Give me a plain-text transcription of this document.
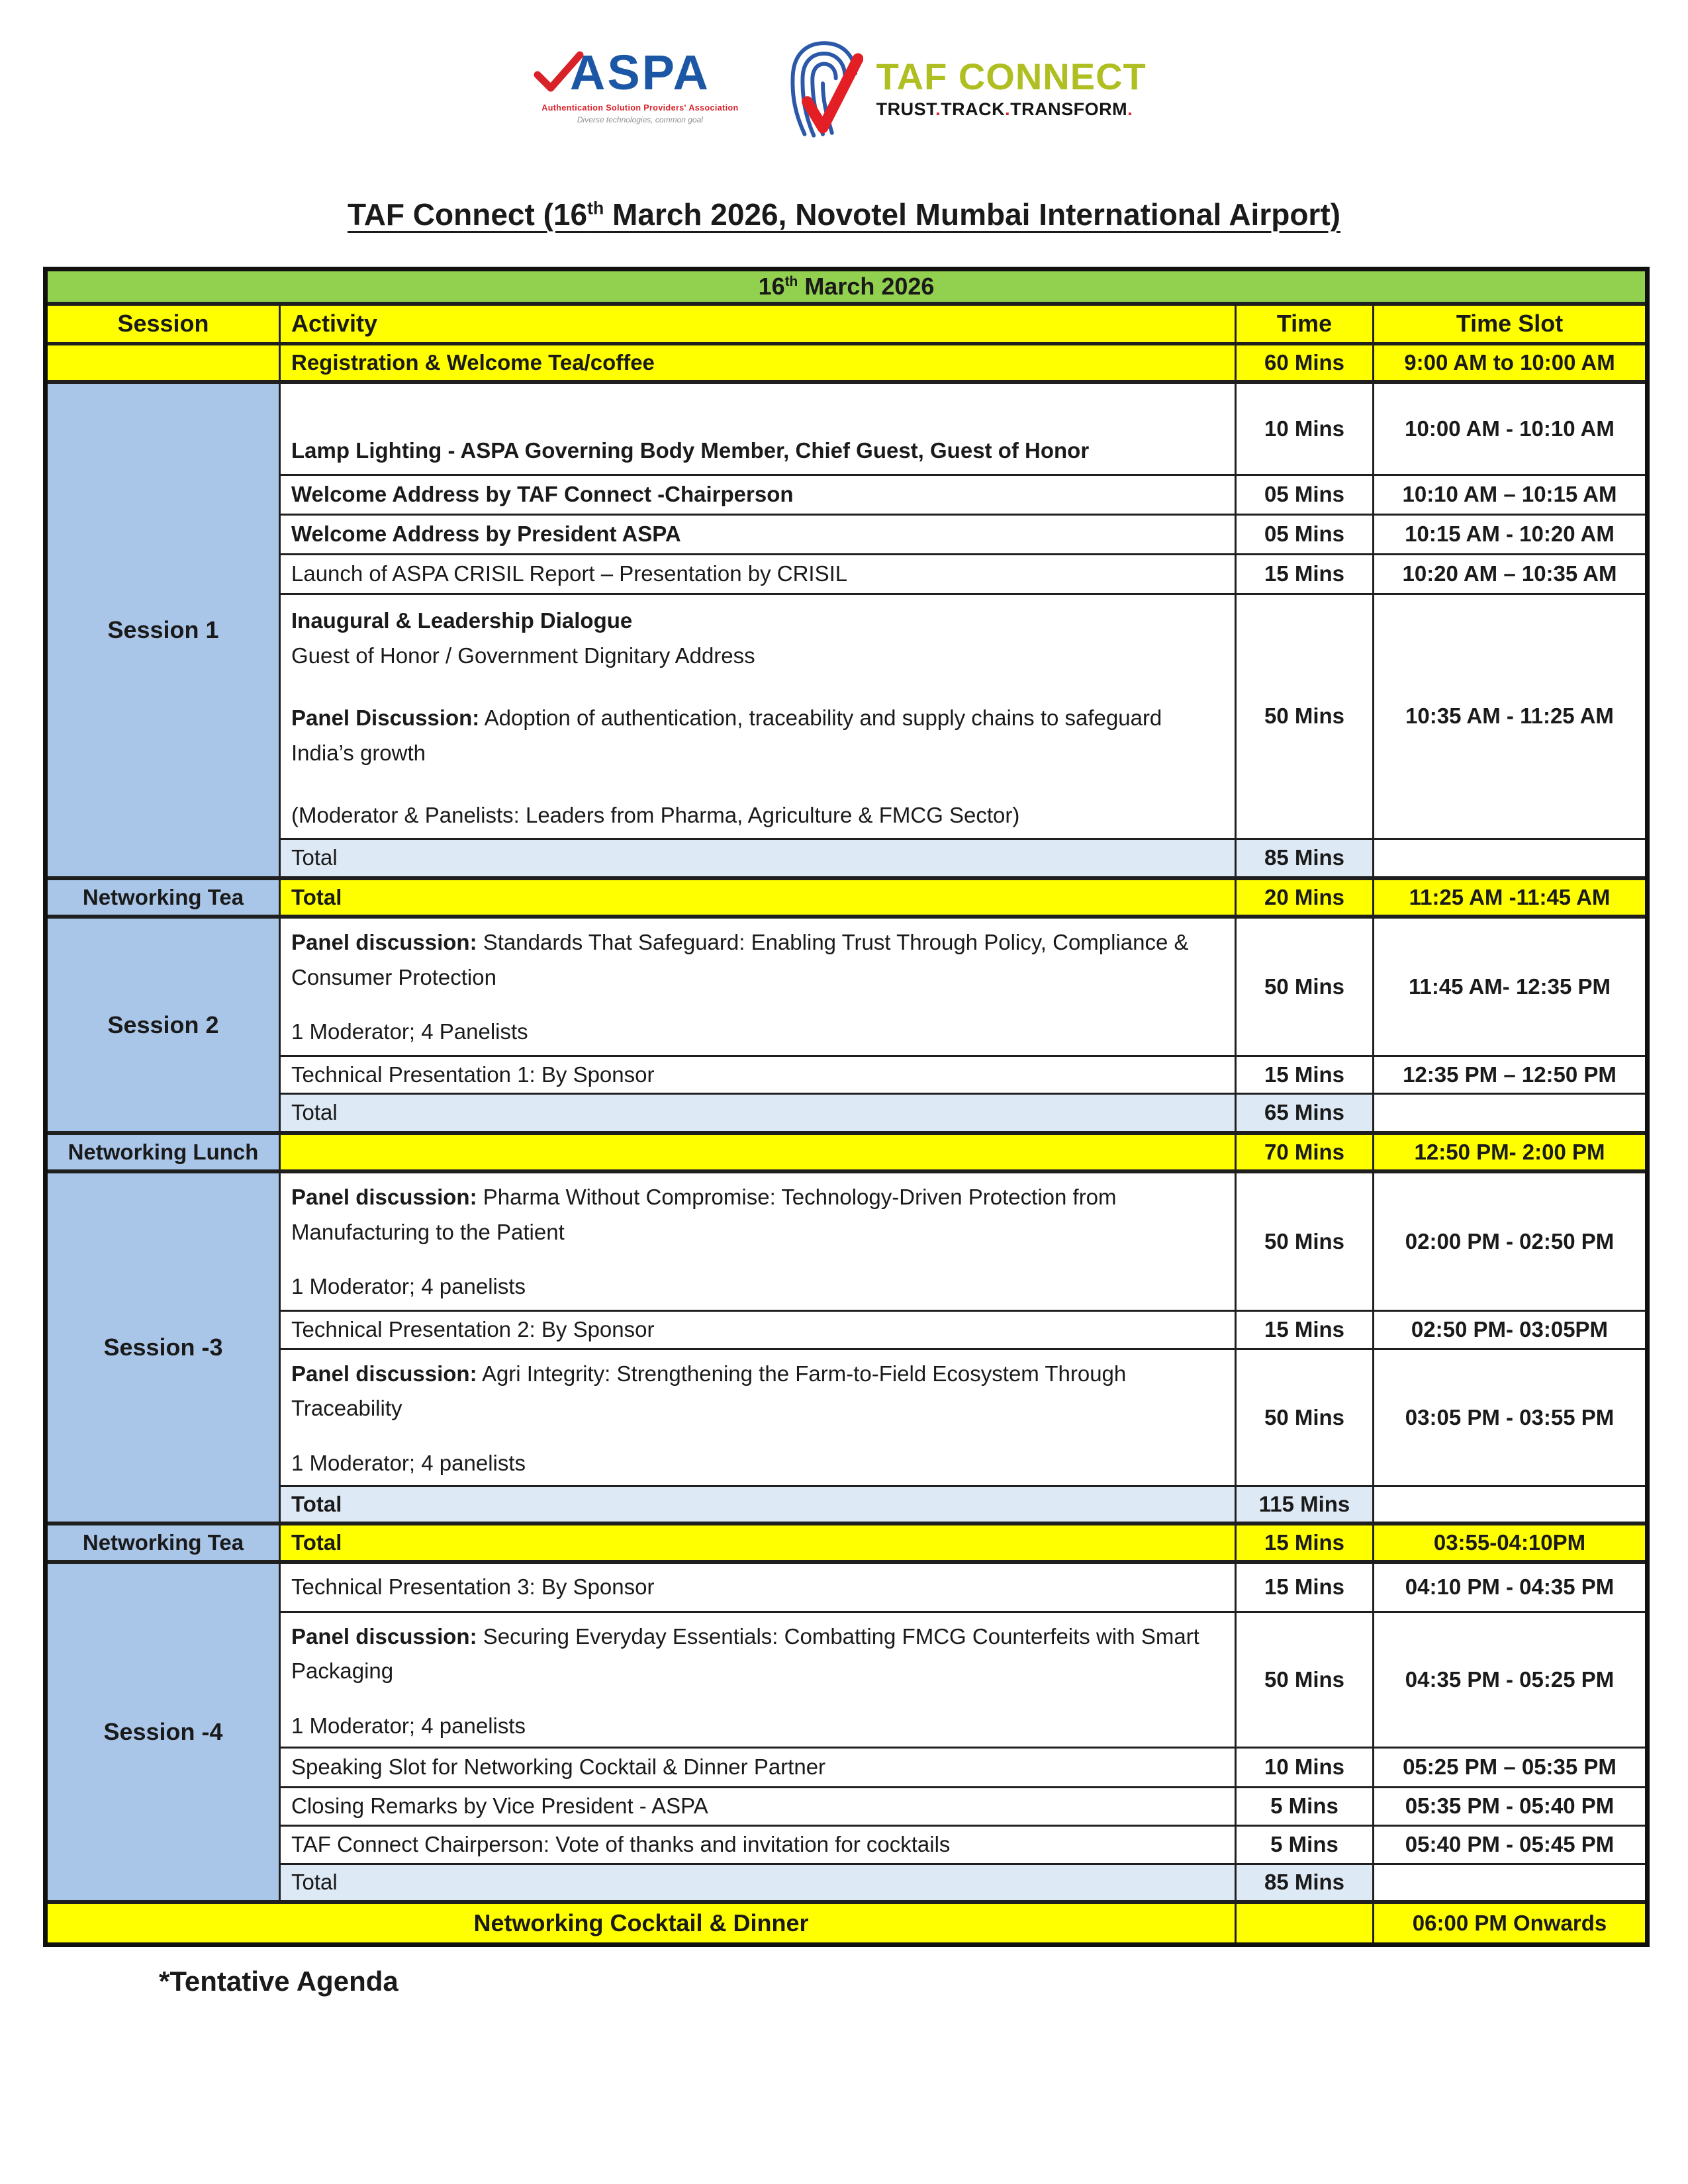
ASPA
Authentication Solution Providers' Association
Diverse technologies, common goal
TAF CONNECT
TRUST.TRACK.TRANSFORM.
TAF Connect (16th March 2026, Novotel Mumbai International Airport)
16th March 2026			
Session	Activity	Time	Time Slot
	Registration & Welcome Tea/coffee	60 Mins	9:00 AM to 10:00 AM
Session 1	Lamp Lighting - ASPA Governing Body Member, Chief Guest, Guest of Honor	10 Mins	10:00 AM - 10:10 AM
	Welcome Address by TAF Connect -Chairperson	05 Mins	10:10 AM – 10:15 AM
	Welcome Address by President ASPA	05 Mins	10:15 AM - 10:20 AM
	Launch of ASPA CRISIL Report – Presentation by CRISIL	15 Mins	10:20 AM – 10:35 AM

	Inaugural & Leadership Dialogue
Guest of Honor / Government Dignitary Address
Panel Discussion: Adoption of authentication, traceability and supply chains to safeguard India’s growth
(Moderator & Panelists: Leaders from Pharma, Agriculture & FMCG Sector)	50 Mins	10:35 AM - 11:25 AM
	Total	85 Mins	
Networking Tea	Total	20 Mins	11:25 AM -11:45 AM
Session 2	Panel discussion: Standards That Safeguard: Enabling Trust Through Policy, Compliance & Consumer Protection
1 Moderator; 4 Panelists	50 Mins	11:45 AM- 12:35 PM
	Technical Presentation 1: By Sponsor	15 Mins	12:35 PM – 12:50 PM
	Total	65 Mins	
Networking Lunch		70 Mins	12:50 PM- 2:00 PM
Session -3	Panel discussion: Pharma Without Compromise: Technology-Driven Protection from Manufacturing to the Patient
1 Moderator; 4 panelists	50 Mins	02:00 PM - 02:50 PM
	Technical Presentation 2: By Sponsor	15 Mins	02:50 PM- 03:05PM

	Panel discussion: Agri Integrity: Strengthening the Farm-to-Field Ecosystem Through Traceability
1 Moderator; 4 panelists	50 Mins	03:05 PM - 03:55 PM
	Total	115 Mins	
Networking Tea	Total	15 Mins	03:55-04:10PM
Session -4	Technical Presentation 3: By Sponsor	15 Mins	04:10 PM - 04:35 PM

	Panel discussion: Securing Everyday Essentials: Combatting FMCG Counterfeits with Smart Packaging
1 Moderator; 4 panelists	50 Mins	04:35 PM - 05:25 PM
	Speaking Slot for Networking Cocktail & Dinner Partner	10 Mins	05:25 PM – 05:35 PM
	Closing Remarks by Vice President - ASPA	5 Mins	05:35 PM - 05:40 PM
	TAF Connect Chairperson: Vote of thanks and invitation for cocktails	5 Mins	05:40 PM - 05:45 PM
	Total	85 Mins	
Networking Cocktail & Dinner			06:00 PM Onwards
*Tentative Agenda
